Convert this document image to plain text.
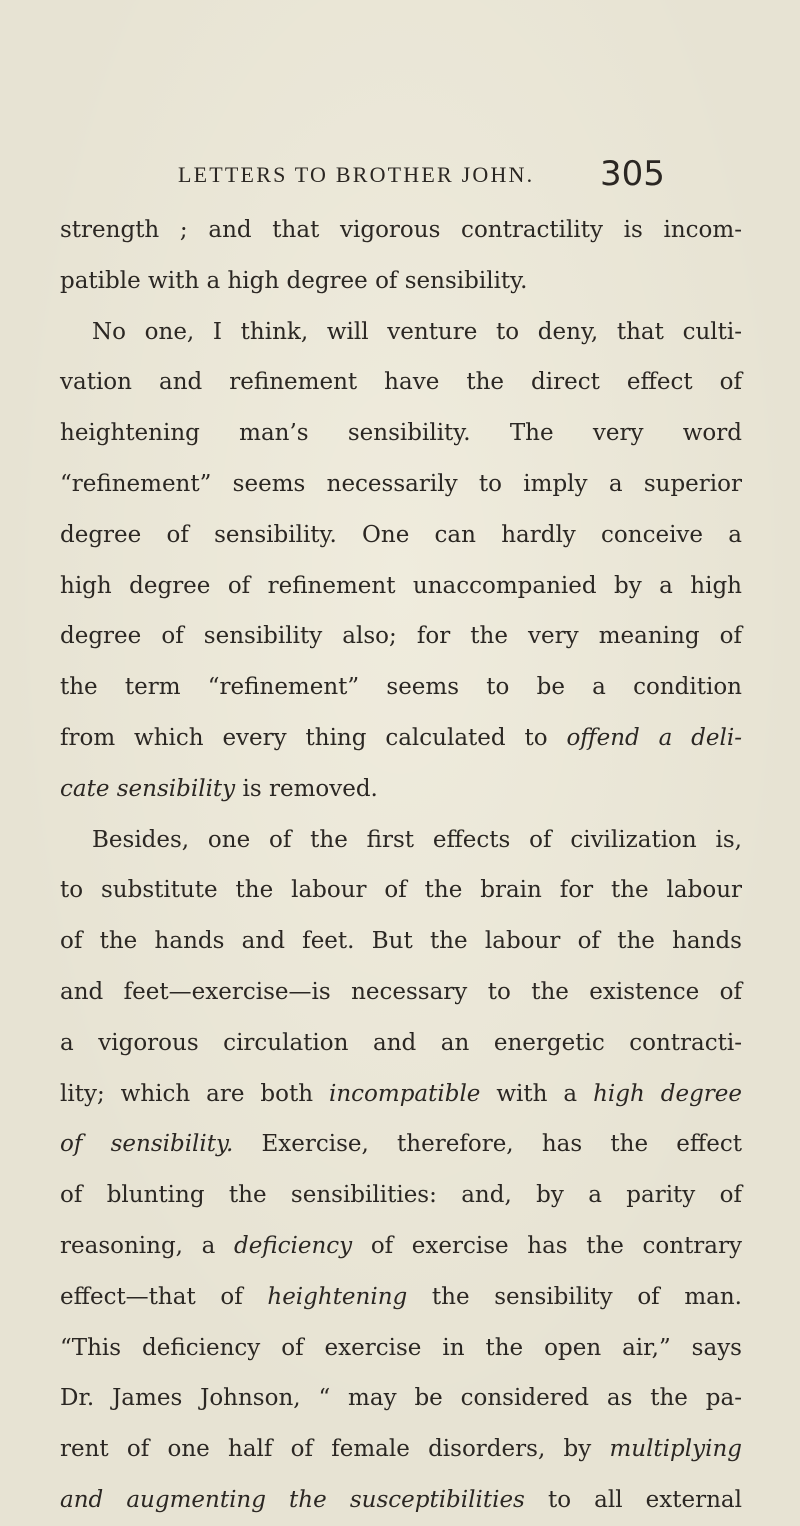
LETTERS TO BROTHER JOHN. 305
strength ; and that vigorous contractility is incom-
patible with a high degree of sensibility.
No one, I think, will venture to deny, that culti-
vation and refinement have the direct effect of
heightening man’s sensibility. The very word
“refinement” seems necessarily to imply a superior
degree of sensibility. One can hardly conceive a
high degree of refinement unaccompanied by a high
degree of sensibility also; for the very meaning of
the term “refinement” seems to be a condition
from which every thing calculated to offend a deli-
cate sensibility is removed.
Besides, one of the first effects of civilization is,
to substitute the labour of the brain for the labour
of the hands and feet. But the labour of the hands
and feet—exercise—is necessary to the existence of
a vigorous circulation and an energetic contracti-
lity; which are both incompatible with a high degree
of sensibility. Exercise, therefore, has the effect
of blunting the sensibilities: and, by a parity of
reasoning, a deficiency of exercise has the contrary
effect—that of heightening the sensibility of man.
“This deficiency of exercise in the open air,” says
Dr. James Johnson, “ may be considered as the pa-
rent of one half of female disorders, by multiplying
and augmenting the susceptibilities to all external
